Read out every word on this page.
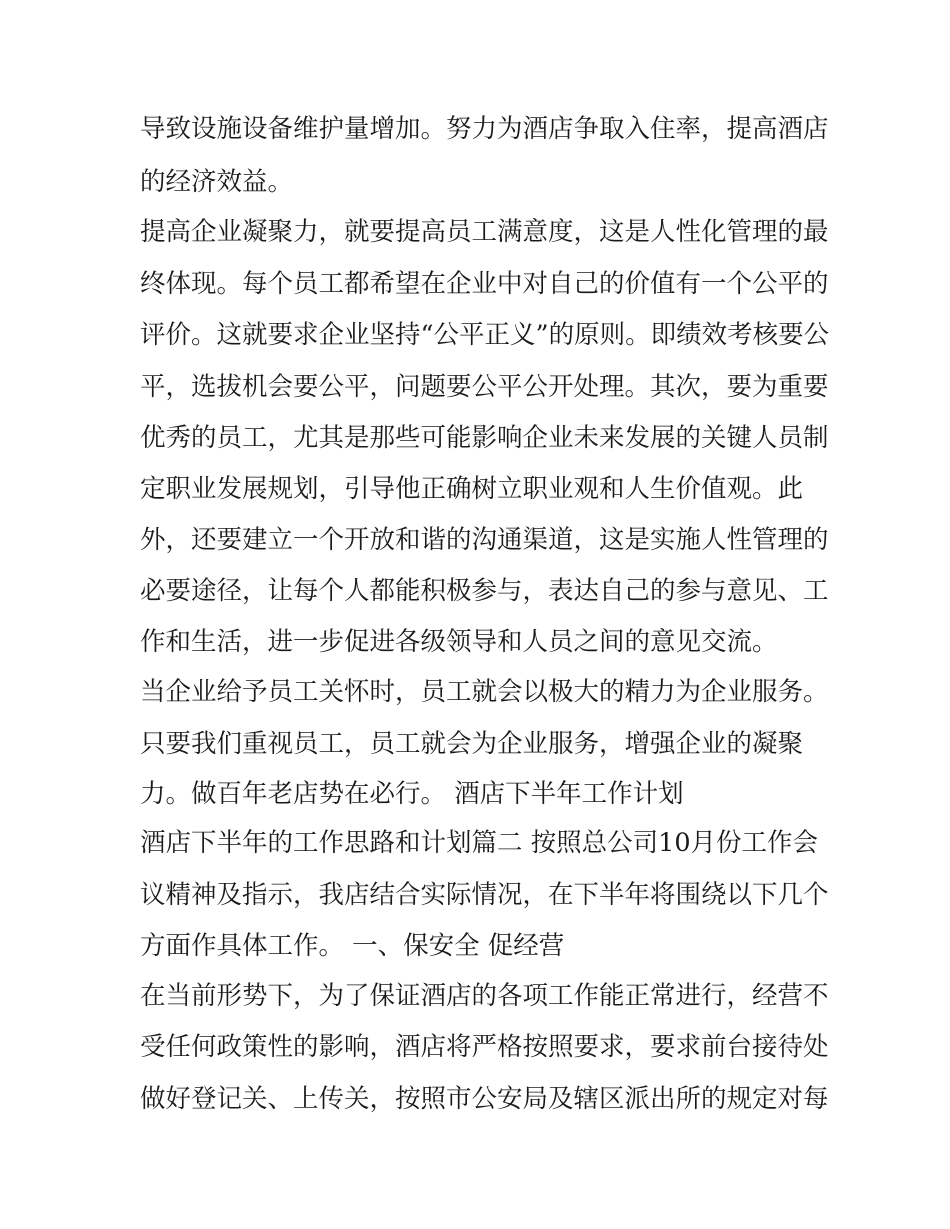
导致设施设备维护量增加。努力为酒店争取入住率，提高酒店
的经济效益。
提高企业凝聚力，就要提高员工满意度，这是人性化管理的最
终体现。每个员工都希望在企业中对自己的价值有一个公平的
评价。这就要求企业坚持“公平正义”的原则。即绩效考核要公
平，选拔机会要公平，问题要公平公开处理。其次，要为重要
优秀的员工，尤其是那些可能影响企业未来发展的关键人员制
定职业发展规划，引导他正确树立职业观和人生价值观。此
外，还要建立一个开放和谐的沟通渠道，这是实施人性管理的
必要途径，让每个人都能积极参与，表达自己的参与意见、工
作和生活，进一步促进各级领导和人员之间的意见交流。
当企业给予员工关怀时，员工就会以极大的精力为企业服务。
只要我们重视员工，员工就会为企业服务，增强企业的凝聚
力。做百年老店势在必行。 酒店下半年工作计划
酒店下半年的工作思路和计划篇二 按照总公司10月份工作会
议精神及指示，我店结合实际情况，在下半年将围绕以下几个
方面作具体工作。 一、保安全 促经营
在当前形势下，为了保证酒店的各项工作能正常进行，经营不
受任何政策性的影响，酒店将严格按照要求，要求前台接待处
做好登记关、上传关，按照市公安局及辖区派出所的规定对每
